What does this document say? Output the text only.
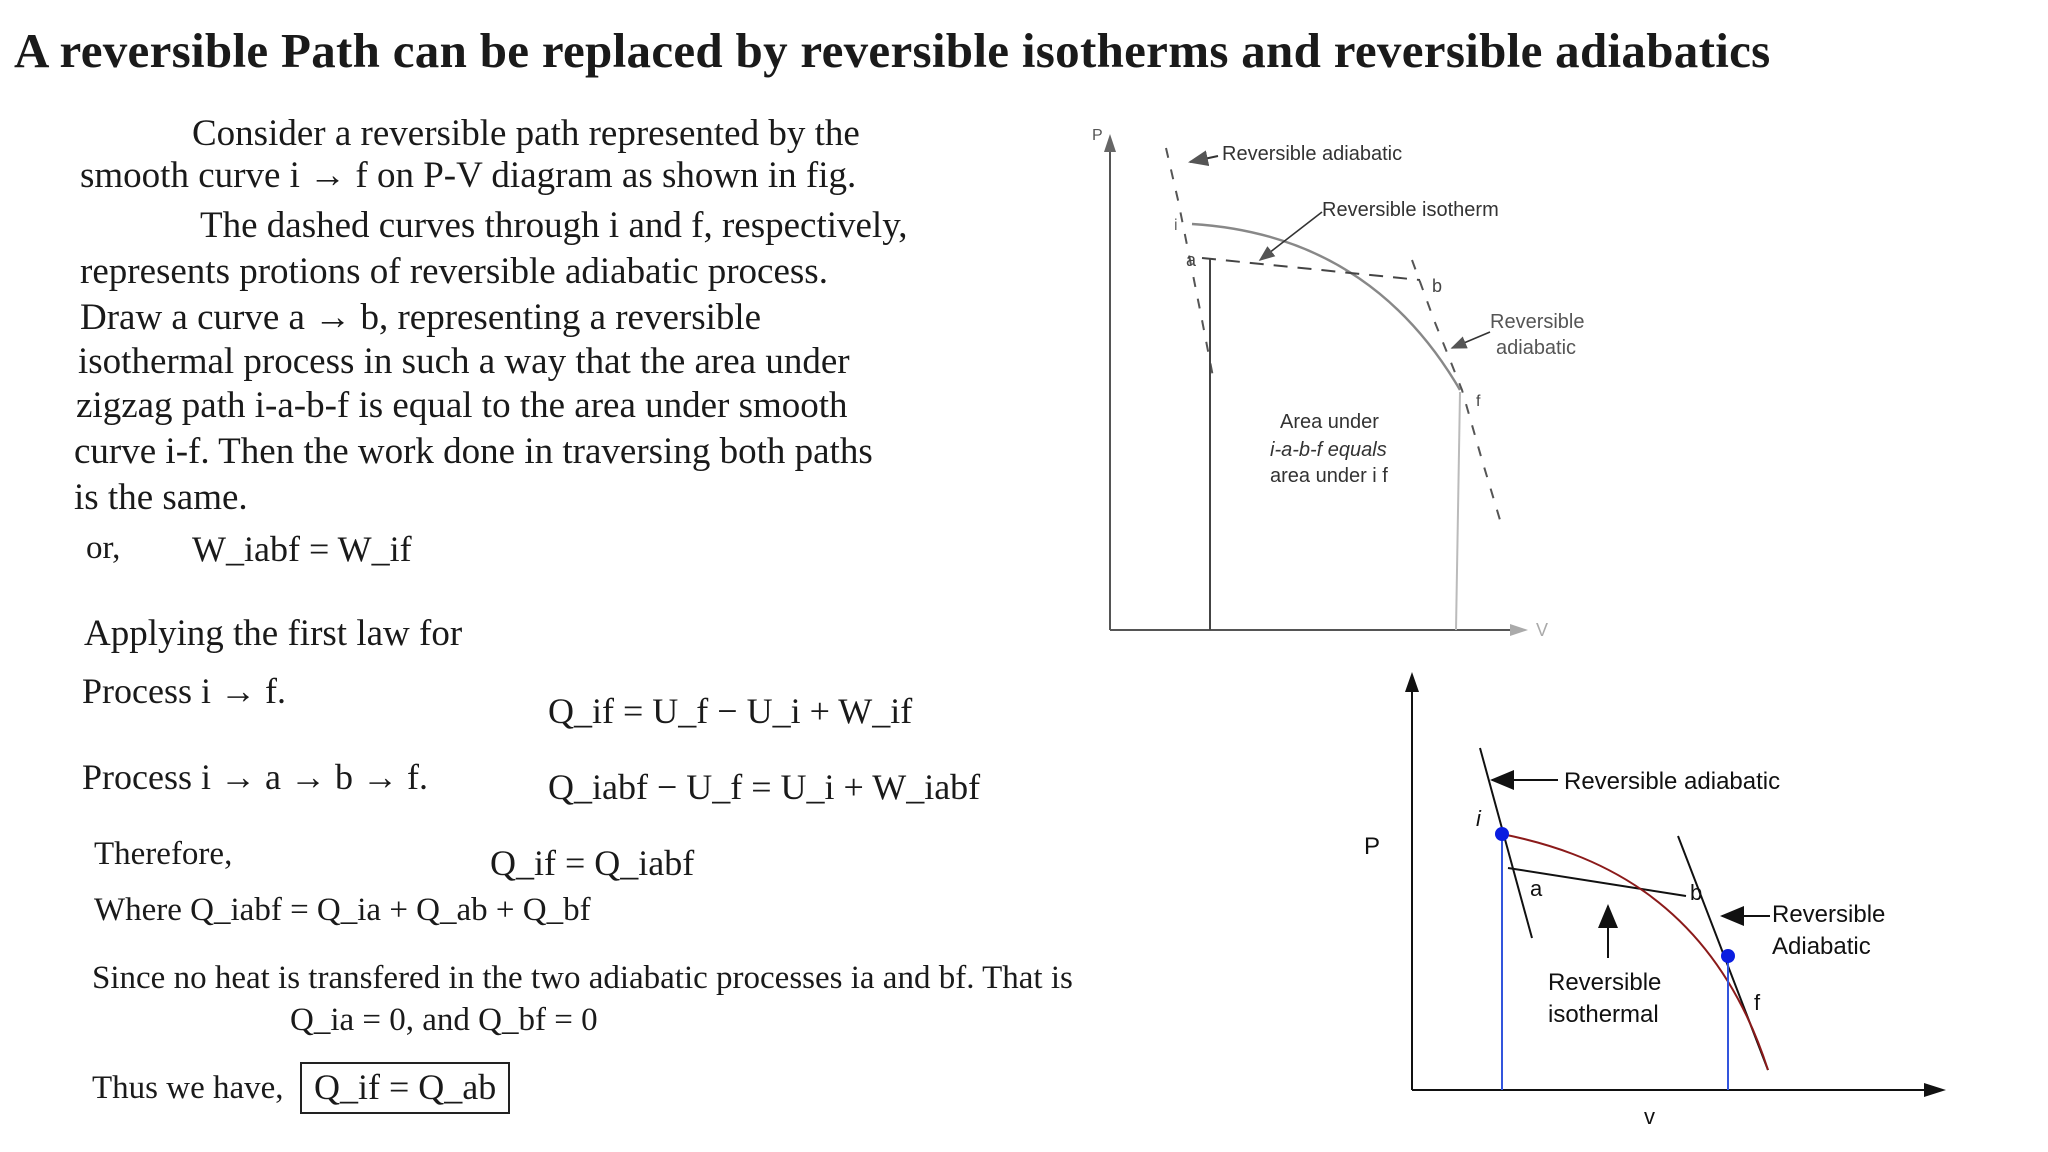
A reversible Path can be replaced by reversible isotherms and reversible adiabatics
Consider a reversible path represented by the
smooth curve i → f on P-V diagram as shown in fig.
The dashed curves through i and f, respectively,
represents protions of reversible adiabatic process.
Draw a curve a → b, representing a reversible
isothermal process in such a way that the area under
zigzag path i-a-b-f is equal to the area under smooth
curve i-f. Then the work done in traversing both paths
is the same.
or, W_iabf = W_if
Applying the first law for
Process i → f.	Q_if = U_f − U_i + W_if
Process i → a → b → f.	Q_iabf − U_f = U_i + W_iabf
Therefore,	Q_if = Q_iabf
Where Q_iabf = Q_ia + Q_ab + Q_bf
Since no heat is transfered in the two adiabatic processes ia and bf. That is
Q_ia = 0, and Q_bf = 0
Thus we have, Q_if = Q_ab
P
V
Reversible adiabatic
Reversible isotherm
Reversible
adiabatic
i
a
b
f
Area under
i-a-b-f equals
area under i f
P
v
Reversible adiabatic
Reversible
Adiabatic
Reversible
isothermal
i
a	b
f
